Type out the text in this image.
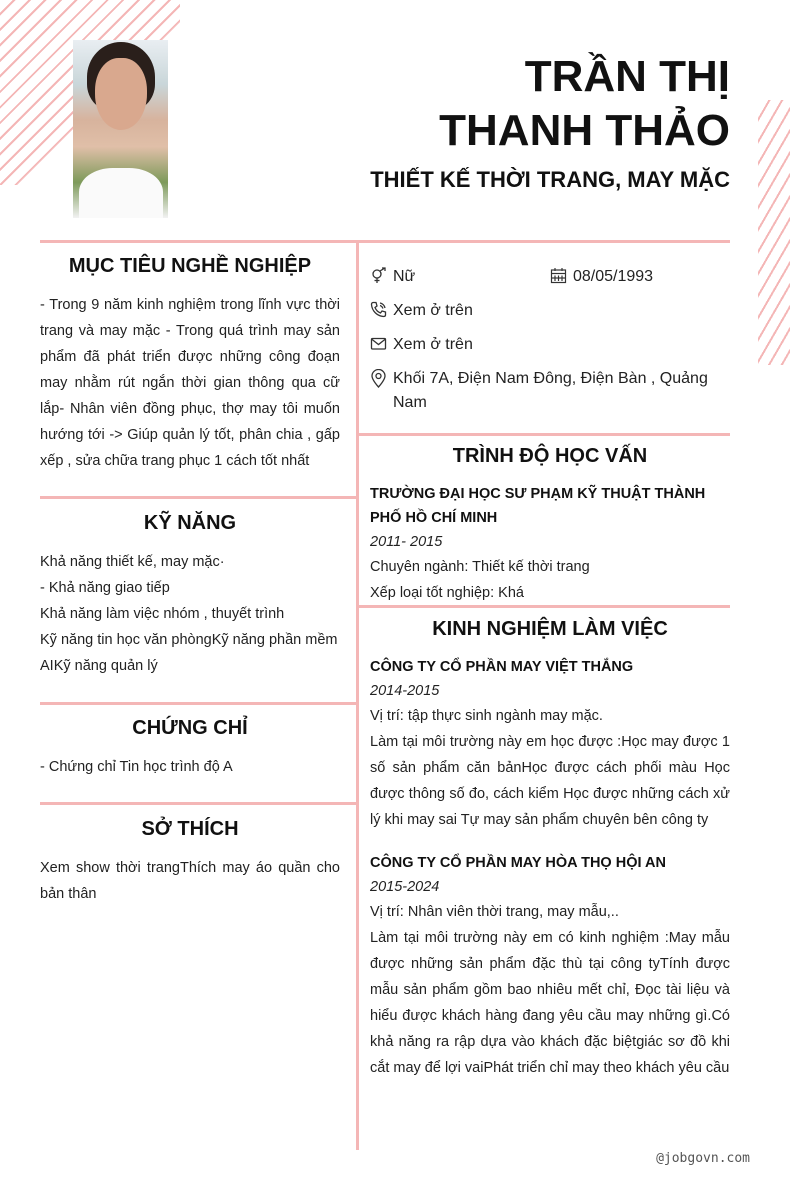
TRẦN THỊ
THANH THẢO
THIẾT KẾ THỜI TRANG, MAY MẶC
Nữ	08/05/1993
Xem ở trên
Xem ở trên
Khối 7A, Điện Nam Đông, Điện Bàn , Quảng Nam
MỤC TIÊU NGHỀ NGHIỆP
- Trong 9 năm kinh nghiệm trong lĩnh vực thời trang và may mặc - Trong quá trình may sản phẩm đã phát triển được những công đoạn may nhằm rút ngắn thời gian thông qua cữ lắp- Nhân viên đồng phục, thợ may tôi muốn hướng tới -> Giúp quản lý tốt, phân chia , gấp xếp , sửa chữa trang phục 1 cách tốt nhất
KỸ NĂNG
Khả năng thiết kế, may mặc·
- Khả năng giao tiếp
Khả năng làm việc nhóm , thuyết trình
Kỹ năng tin học văn phòngKỹ năng phần mềm AIKỹ năng quản lý
CHỨNG CHỈ
- Chứng chỉ Tin học trình độ A
SỞ THÍCH
Xem show thời trangThích may áo quần cho bản thân
TRÌNH ĐỘ HỌC VẤN
TRƯỜNG ĐẠI HỌC SƯ PHẠM KỸ THUẬT THÀNH PHỐ HỒ CHÍ MINH
2011- 2015
Chuyên ngành: Thiết kế thời trang
Xếp loại tốt nghiệp: Khá
KINH NGHIỆM LÀM VIỆC
CÔNG TY CỔ PHẦN MAY VIỆT THẮNG
2014-2015
Vị trí: tập thực sinh ngành may mặc.
Làm tại môi trường này em học được :Học may được 1 số sản phẩm căn bảnHọc được cách phối màu Học được thông số đo, cách kiểm Học được những cách xử lý khi may sai Tự may sản phẩm chuyên bên công ty
CÔNG TY CỔ PHẦN MAY HÒA THỌ HỘI AN
2015-2024
Vị trí: Nhân viên thời trang, may mẫu,..
Làm tại môi trường này em có kinh nghiệm :May mẫu được những sản phẩm đặc thù tại công tyTính được mẫu sản phẩm gồm bao nhiêu mết chỉ, Đọc tài liệu và hiểu được khách hàng đang yêu cầu may những gì.Có khả năng ra rập dựa vào khách đặc biệtgiác sơ đồ khi cắt may để lợi vaiPhát triển chỉ may theo khách yêu cầu
@jobgovn.com
